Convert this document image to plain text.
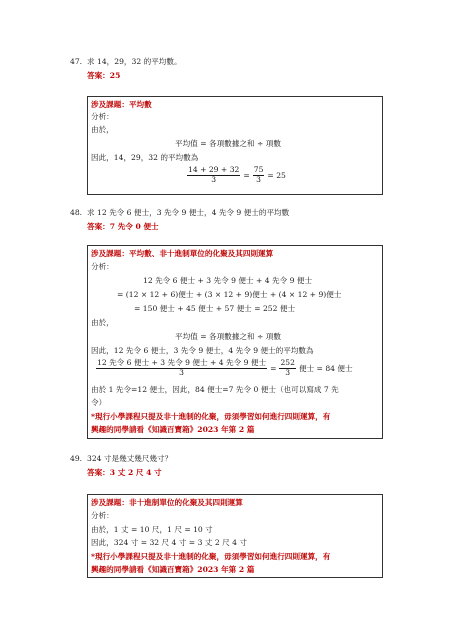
47. 求 14，29，32 的平均數。
答案：25
涉及課題：平均數
分析：
由於，
平均值 = 各項數據之和 ÷ 項數
因此，14，29，32 的平均數為
$\frac{14 + 29 + 32}{3} = \frac{75}{3} = 25$
48. 求 12 先令 6 便士，3 先令 9 便士，4 先令 9 便士的平均數
答案：7 先令 0 便士
涉及課題：平均數、非十進制單位的化聚及其四則運算
分析：
12 先令 6 便士 + 3 先令 9 便士 + 4 先令 9 便士
= (12 × 12 + 6)便士 + (3 × 12 + 9)便士 + (4 × 12 + 9)便士
= 150 便士 + 45 便士 + 57 便士 = 252 便士
由於，
平均值 = 各項數據之和 ÷ 項數
因此，12 先令 6 便士，3 先令 9 便士，4 先令 9 便士的平均數為
$\frac{\text{12 先令 6 便士 + 3 先令 9 便士 + 4 先令 9 便士}}{3} = \frac{252}{3}$ 便士 = 84 便士
由於 1 先令=12 便士，因此，84 便士=7 先令 0 便士（也可以寫成 7 先
令）
*現行小學課程只提及非十進制的化聚，毋須學習如何進行四則運算，有
興趣的同學請看《知識百寶箱》2023 年第 2 篇
49. 324 寸是幾丈幾尺幾寸？
答案：3 丈 2 尺 4 寸
涉及課題：非十進制單位的化聚及其四則運算
分析：
由於，1 丈 = 10 尺，1 尺 = 10 寸
因此，324 寸 = 32 尺 4 寸 = 3 丈 2 尺 4 寸
*現行小學課程只提及非十進制的化聚，毋須學習如何進行四則運算，有
興趣的同學請看《知識百寶箱》2023 年第 2 篇
